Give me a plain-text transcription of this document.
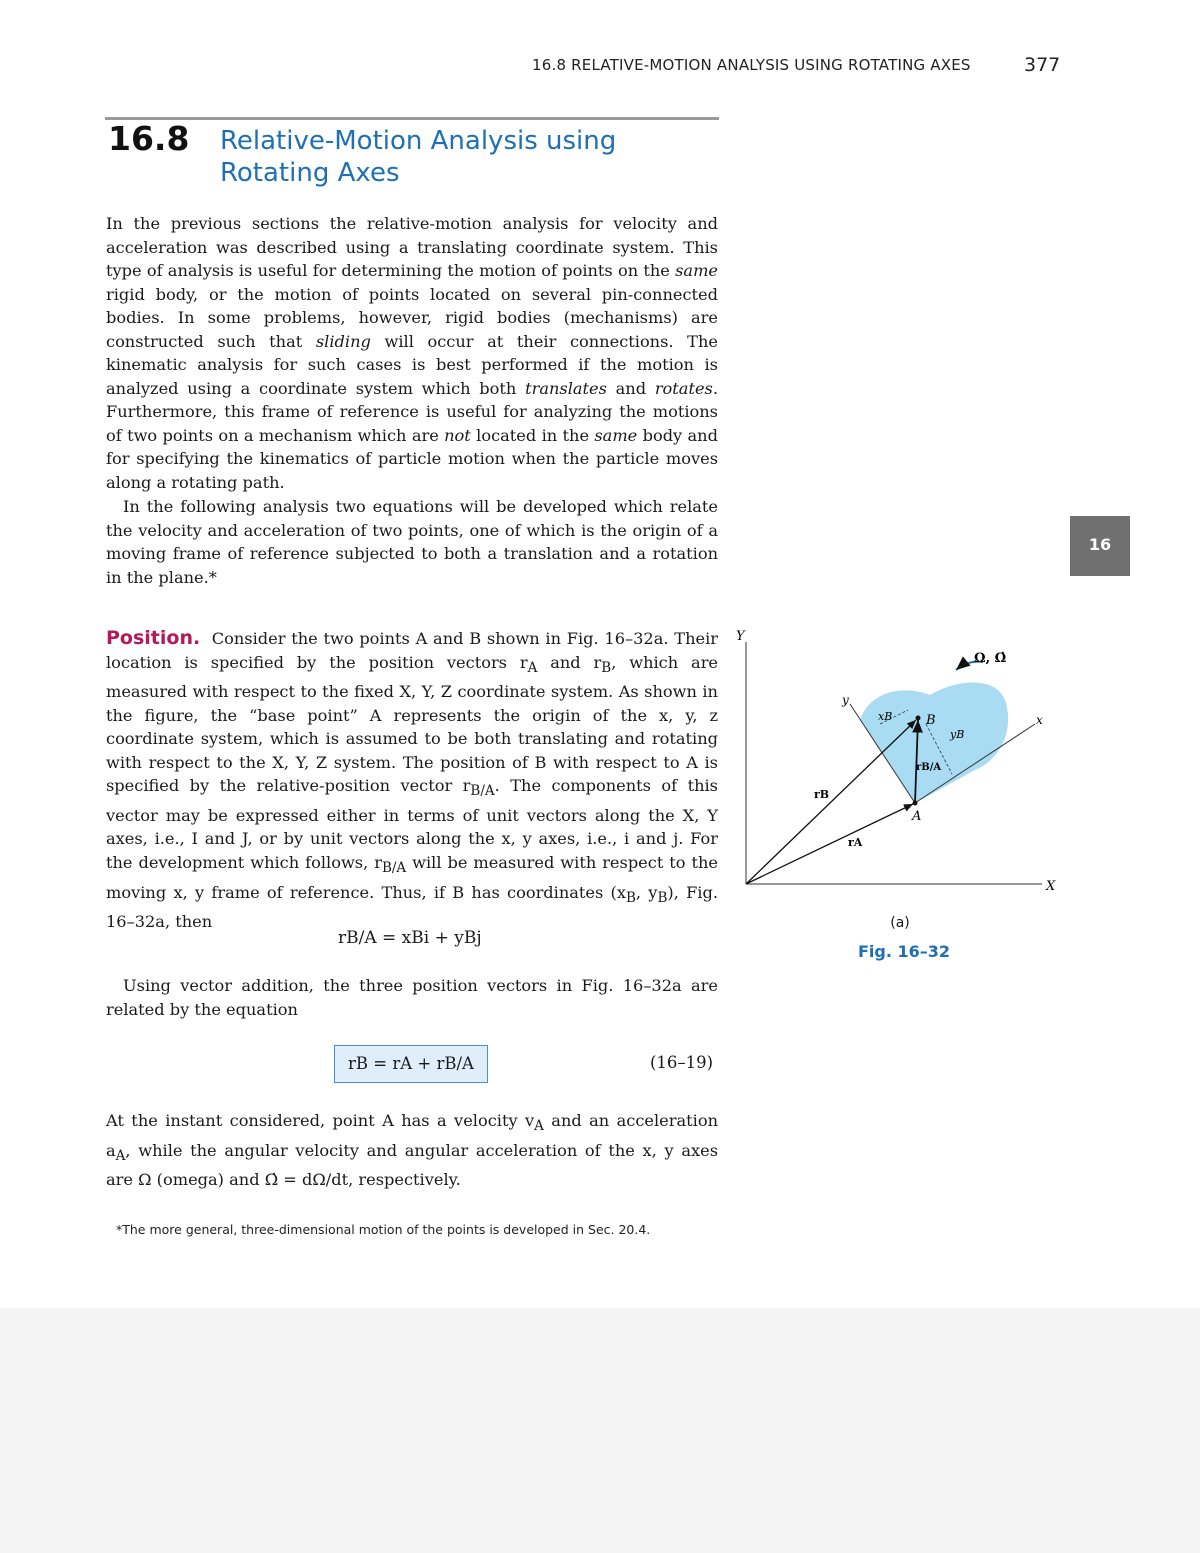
16.8 RELATIVE-MOTION ANALYSIS USING ROTATING AXES	377
16.8 Relative-Motion Analysis using
Rotating Axes

In the previous sections the relative-motion analysis for velocity and acceleration was described using a translating coordinate system. This type of analysis is useful for determining the motion of points on the same rigid body, or the motion of points located on several pin-connected bodies. In some problems, however, rigid bodies (mechanisms) are constructed such that sliding will occur at their connections. The kinematic analysis for such cases is best performed if the motion is analyzed using a coordinate system which both translates and rotates. Furthermore, this frame of reference is useful for analyzing the motions of two points on a mechanism which are not located in the same body and for specifying the kinematics of particle motion when the particle moves along a rotating path.

In the following analysis two equations will be developed which relate the velocity and acceleration of two points, one of which is the origin of a moving frame of reference subjected to both a translation and a rotation in the plane.*

16

Position. Consider the two points A and B shown in Fig. 16–32a. Their location is specified by the position vectors $r_A$ and $r_B$, which are measured with respect to the fixed X, Y, Z coordinate system. As shown in the figure, the “base point” A represents the origin of the x, y, z coordinate system, which is assumed to be both translating and rotating with respect to the X, Y, Z system. The position of B with respect to A is specified by the relative-position vector $r_{B/A}$. The components of this vector may be expressed either in terms of unit vectors along the X, Y axes, i.e., I and J, or by unit vectors along the x, y axes, i.e., i and j. For the development which follows, $r_{B/A}$ will be measured with respect to the moving x, y frame of reference. Thus, if B has coordinates ($x_B$, $y_B$), Fig. 16–32a, then

rB/A = xBi + yBj

Using vector addition, the three position vectors in Fig. 16–32a are related by the equation

rB = rA + rB/A	(16–19)

At the instant considered, point A has a velocity $v_A$ and an acceleration $a_A$, while the angular velocity and angular acceleration of the x, y axes are Ω (omega) and Ω̇ = dΩ/dt, respectively.

*The more general, three-dimensional motion of the points is developed in Sec. 20.4.
Y
X
x
y
A
B
xB
yB
rA
rB
rB/A
Ω, Ω̇
(a)
Fig. 16–32
